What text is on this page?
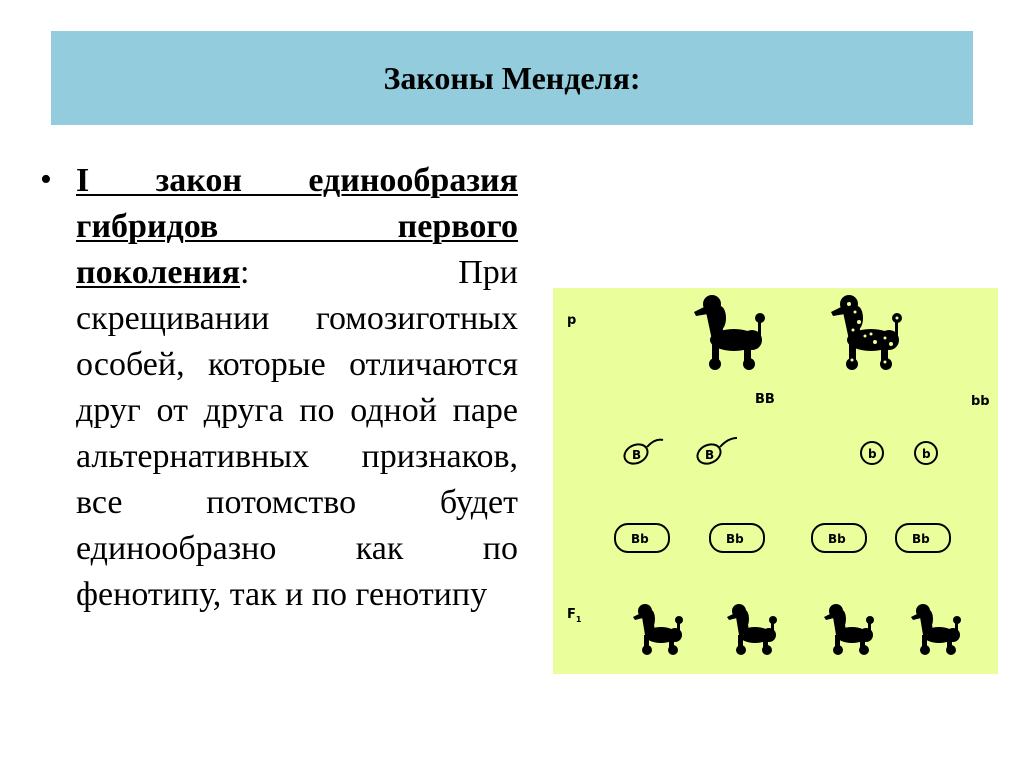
Законы Менделя:
• I закон единообразия гибридов первого поколения:	При скрещивании гомозиготных особей, которые отличаются друг от друга по одной паре альтернативных признаков, все потомство будет единообразно как по фенотипу, так и по генотипу
p
$F_1$
BB	bb
B	B	b	b
Bb	Bb	Bb	Bb
